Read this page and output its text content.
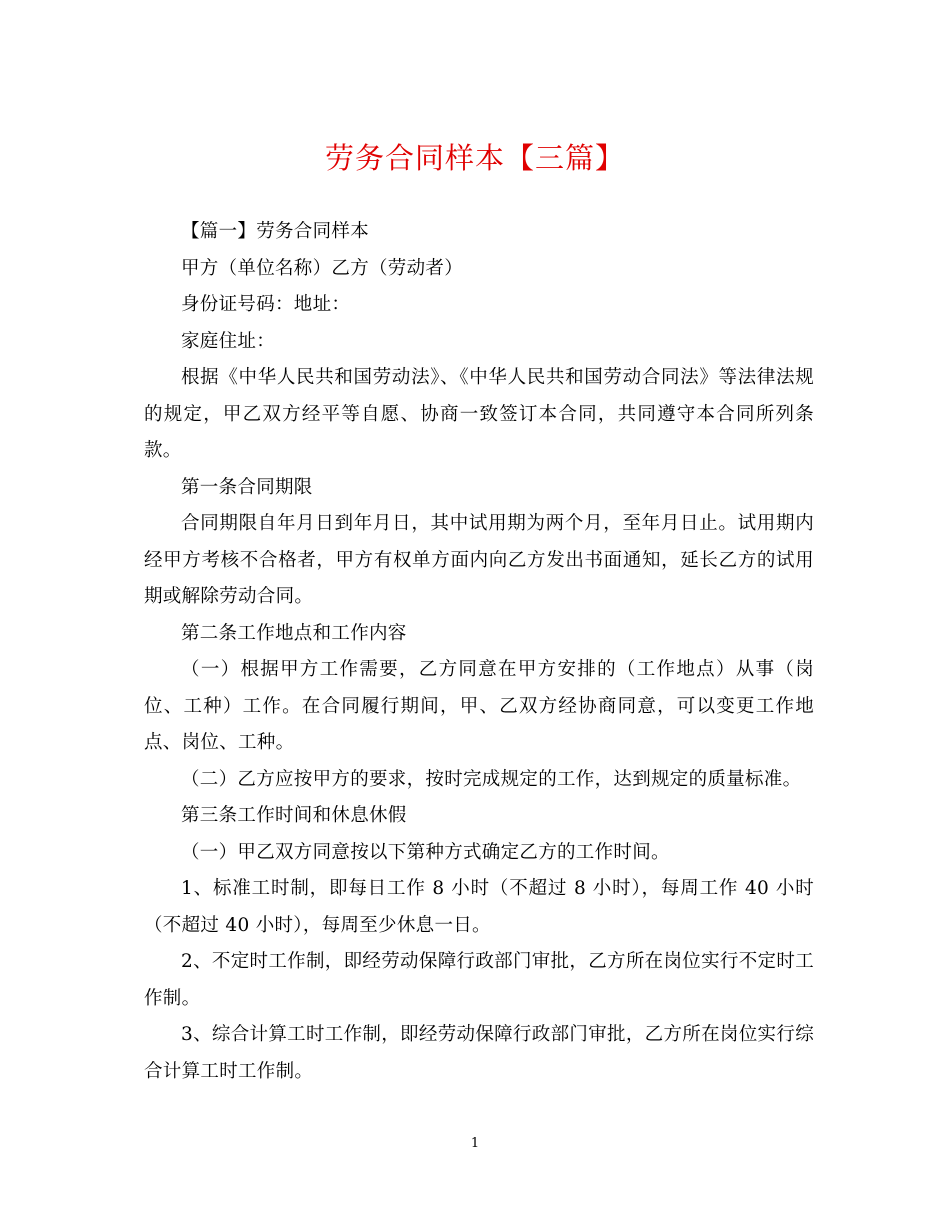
劳务合同样本【三篇】

【篇一】劳务合同样本

甲方（单位名称）乙方（劳动者）

身份证号码：地址：

家庭住址：

根据《中华人民共和国劳动法》、《中华人民共和国劳动合同法》等法律法规的规定，甲乙双方经平等自愿、协商一致签订本合同，共同遵守本合同所列条款。

第一条合同期限

合同期限自年月日到年月日，其中试用期为两个月，至年月日止。试用期内经甲方考核不合格者，甲方有权单方面内向乙方发出书面通知，延长乙方的试用期或解除劳动合同。

第二条工作地点和工作内容

（一）根据甲方工作需要，乙方同意在甲方安排的（工作地点）从事（岗位、工种）工作。在合同履行期间，甲、乙双方经协商同意，可以变更工作地点、岗位、工种。

（二）乙方应按甲方的要求，按时完成规定的工作，达到规定的质量标准。

第三条工作时间和休息休假

（一）甲乙双方同意按以下第种方式确定乙方的工作时间。

1、标准工时制，即每日工作 8 小时（不超过 8 小时），每周工作 40 小时（不超过 40 小时），每周至少休息一日。

2、不定时工作制，即经劳动保障行政部门审批，乙方所在岗位实行不定时工作制。

3、综合计算工时工作制，即经劳动保障行政部门审批，乙方所在岗位实行综合计算工时工作制。

1
